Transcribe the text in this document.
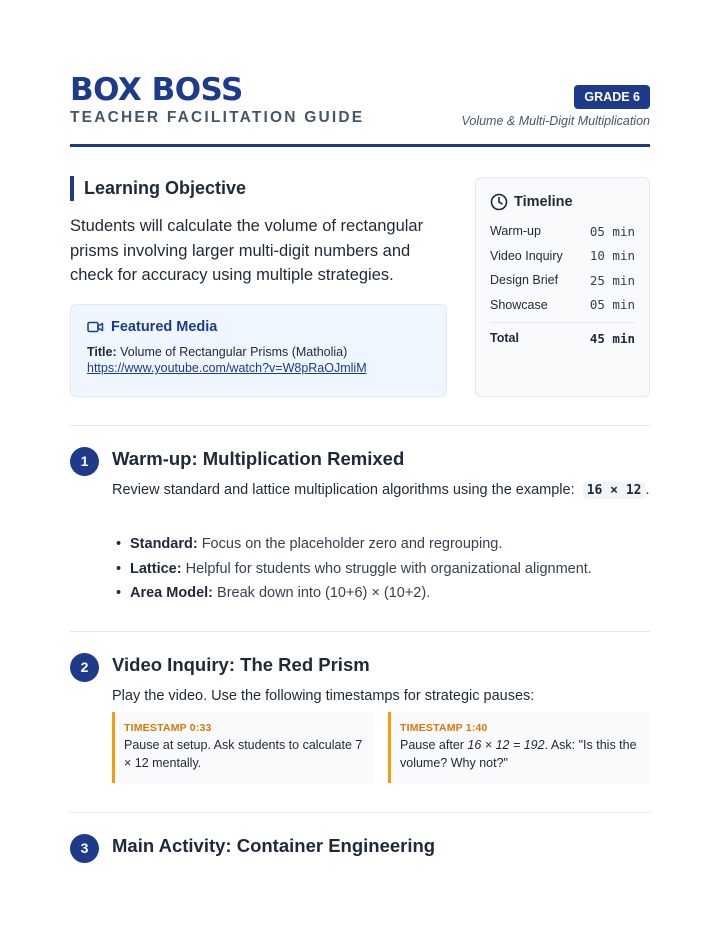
BOX BOSS
TEACHER FACILITATION GUIDE
GRADE 6
Volume & Multi-Digit Multiplication
Learning Objective
Students will calculate the volume of rectangular prisms involving larger multi-digit numbers and check for accuracy using multiple strategies.
Featured Media
Title: Volume of Rectangular Prisms (Matholia)
https://www.youtube.com/watch?v=W8pRaOJmliM
Timeline
Warm-up	05 min
Video Inquiry 10 min
Design Brief	25 min
Showcase	05 min
Total	45 min
1	Warm-up: Multiplication Remixed
Review standard and lattice multiplication algorithms using the example: 16 × 12 .
• Standard: Focus on the placeholder zero and regrouping.
• Lattice: Helpful for students who struggle with organizational alignment.
• Area Model: Break down into (10+6) × (10+2).
2	Video Inquiry: The Red Prism
Play the video. Use the following timestamps for strategic pauses:
TIMESTAMP 0:33
Pause at setup. Ask students to calculate 7 × 12 mentally.
TIMESTAMP 1:40
Pause after 16 × 12 = 192. Ask: "Is this the volume? Why not?"
3	Main Activity: Container Engineering
